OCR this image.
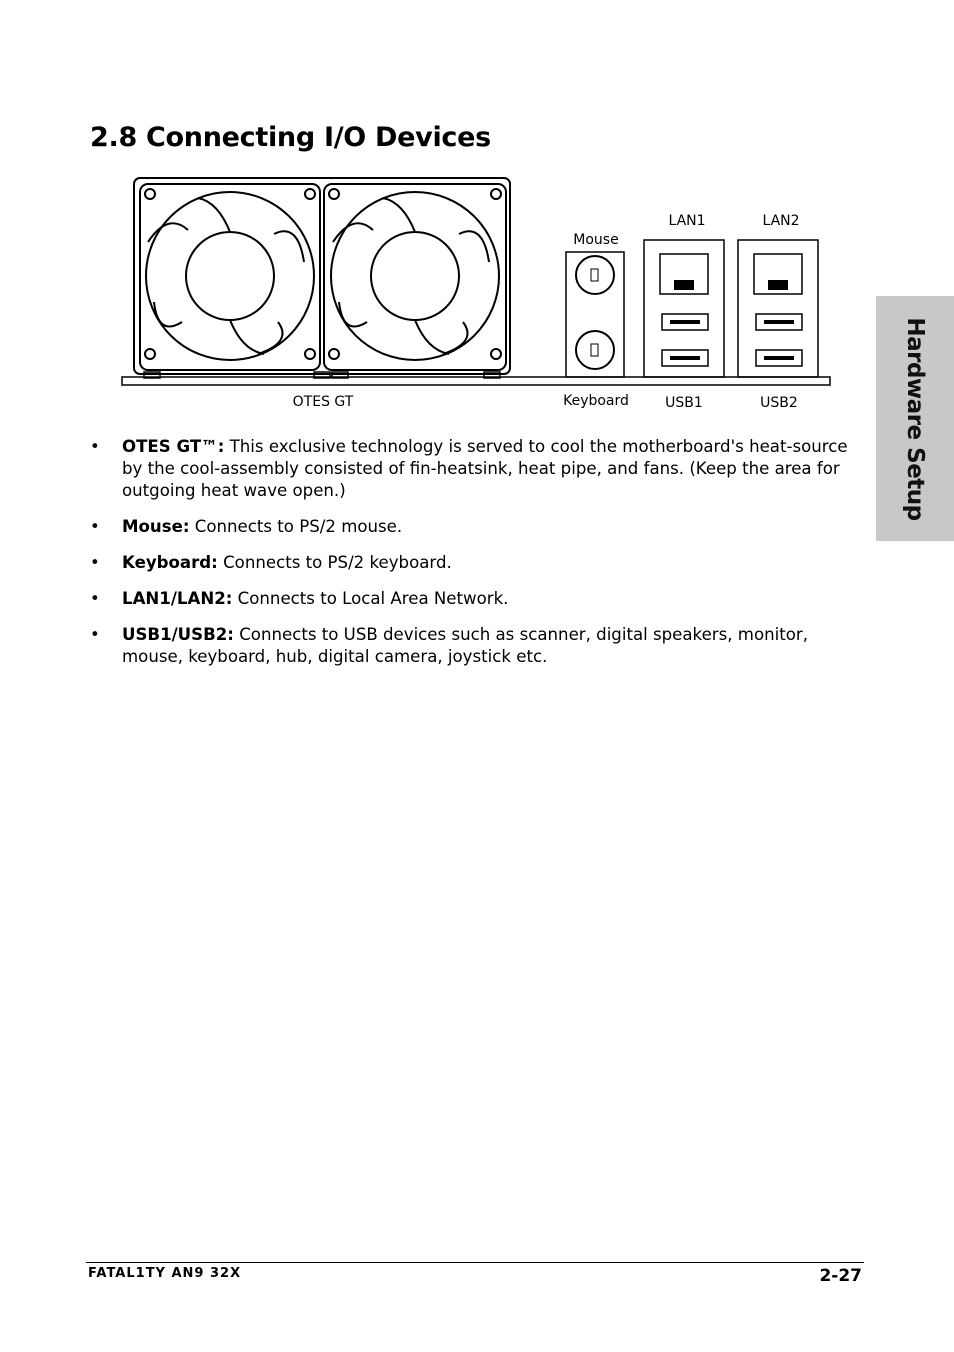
2.8 Connecting I/O Devices
Hardware Setup
OTES GT
Mouse
Keyboard
LAN1	LAN2
USB1	USB2
• OTES GT™: This exclusive technology is served to cool the motherboard's heat-source by the cool-assembly consisted of fin-heatsink, heat pipe, and fans. (Keep the area for outgoing heat wave open.)
• Mouse: Connects to PS/2 mouse.
• Keyboard: Connects to PS/2 keyboard.
• LAN1/LAN2: Connects to Local Area Network.
• USB1/USB2: Connects to USB devices such as scanner, digital speakers, monitor, mouse, keyboard, hub, digital camera, joystick etc.
FATAL1TY AN9 32X	2-27
